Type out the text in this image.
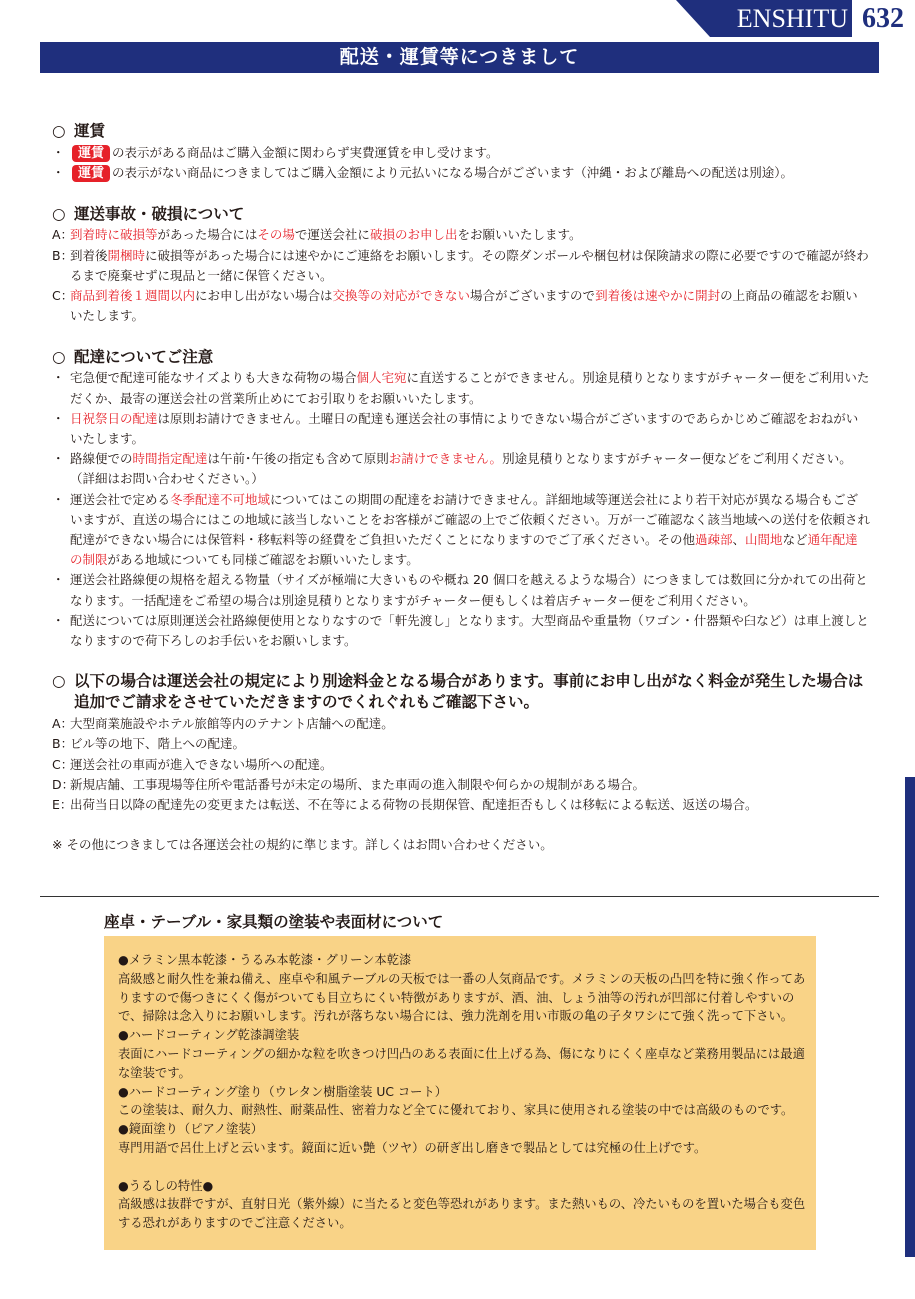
ENSHITU 632
配送・運賃等につきまして
○ 運賃
・	運賃 の表示がある商品はご購入金額に関わらず実費運賃を申し受けます。
・	運賃 の表示がない商品につきましてはご購入金額により元払いになる場合がございます（沖縄・および離島への配送は別途）。
○ 運送事故・破損について
A：
到着時に破損等があった場合にはその場で運送会社に破損のお申し出をお願いいたします。
B：
到着後開梱時に破損等があった場合には速やかにご連絡をお願いします。その際ダンボールや梱包材は保険請求の際に必要ですので確認が終わるまで廃棄せずに現品と一緒に保管ください。
C：
商品到着後１週間以内にお申し出がない場合は交換等の対応ができない場合がございますので到着後は速やかに開封の上商品の確認をお願いいたします。
○ 配達についてご注意
・ 宅急便で配達可能なサイズよりも大きな荷物の場合個人宅宛に直送することができません。別途見積りとなりますがチャーター便をご利用いただくか、最寄の運送会社の営業所止めにてお引取りをお願いいたします。
・ 日祝祭日の配達は原則お請けできません。土曜日の配達も運送会社の事情によりできない場合がございますのであらかじめご確認をおねがいいたします。
・ 路線便での時間指定配達は午前･午後の指定も含めて原則お請けできません。別途見積りとなりますがチャーター便などをご利用ください。（詳細はお問い合わせください。）
・ 運送会社で定める冬季配達不可地域についてはこの期間の配達をお請けできません。詳細地域等運送会社により若干対応が異なる場合もございますが、直送の場合にはこの地域に該当しないことをお客様がご確認の上でご依頼ください。万が一ご確認なく該当地域への送付を依頼され配達ができない場合には保管料・移転料等の経費をご負担いただくことになりますのでご了承ください。その他過疎部、山間地など通年配達の制限がある地域についても同様ご確認をお願いいたします。
・ 運送会社路線便の規格を超える物量（サイズが極端に大きいものや概ね 20 個口を越えるような場合）につきましては数回に分かれての出荷となります。一括配達をご希望の場合は別途見積りとなりますがチャーター便もしくは着店チャーター便をご利用ください。
・ 配送については原則運送会社路線便使用となりなすので「軒先渡し」となります。大型商品や重量物（ワゴン・什器類や臼など）は車上渡しとなりますので荷下ろしのお手伝いをお願いします。
○ 以下の場合は運送会社の規定により別途料金となる場合があります。事前にお申し出がなく料金が発生した場合は追加でご請求をさせていただきますのでくれぐれもご確認下さい。
A：
大型商業施設やホテル旅館等内のテナント店舗への配達。
B：
ビル等の地下、階上への配達。
C：
運送会社の車両が進入できない場所への配達。
D：
新規店舗、工事現場等住所や電話番号が未定の場所、また車両の進入制限や何らかの規制がある場合。
E：
出荷当日以降の配達先の変更または転送、不在等による荷物の長期保管、配達拒否もしくは移転による転送、返送の場合。
※ その他につきましては各運送会社の規約に準じます。詳しくはお問い合わせください。
座卓・テーブル・家具類の塗装や表面材について

●メラミン黒本乾漆・うるみ本乾漆・グリーン本乾漆

高級感と耐久性を兼ね備え、座卓や和風テーブルの天板では一番の人気商品です。メラミンの天板の凸凹を特に強く作ってありますので傷つきにくく傷がついても目立ちにくい特徴がありますが、酒、油、しょう油等の汚れが凹部に付着しやすいので、掃除は念入りにお願いします。汚れが落ちない場合には、強力洗剤を用い市販の亀の子タワシにて強く洗って下さい。

●ハードコーティング乾漆調塗装

表面にハードコーティングの細かな粒を吹きつけ凹凸のある表面に仕上げる為、傷になりにくく座卓など業務用製品には最適な塗装です。

●ハードコーティング塗り（ウレタン樹脂塗装 UC コート）

この塗装は、耐久力、耐熱性、耐薬品性、密着力など全てに優れており、家具に使用される塗装の中では高級のものです。

●鏡面塗り（ピアノ塗装）

専門用語で呂仕上げと云います。鏡面に近い艶（ツヤ）の研ぎ出し磨きで製品としては究極の仕上げです。

●うるしの特性●

高級感は抜群ですが、直射日光（紫外線）に当たると変色等恐れがあります。また熱いもの、冷たいものを置いた場合も変色する恐れがありますのでご注意ください。
